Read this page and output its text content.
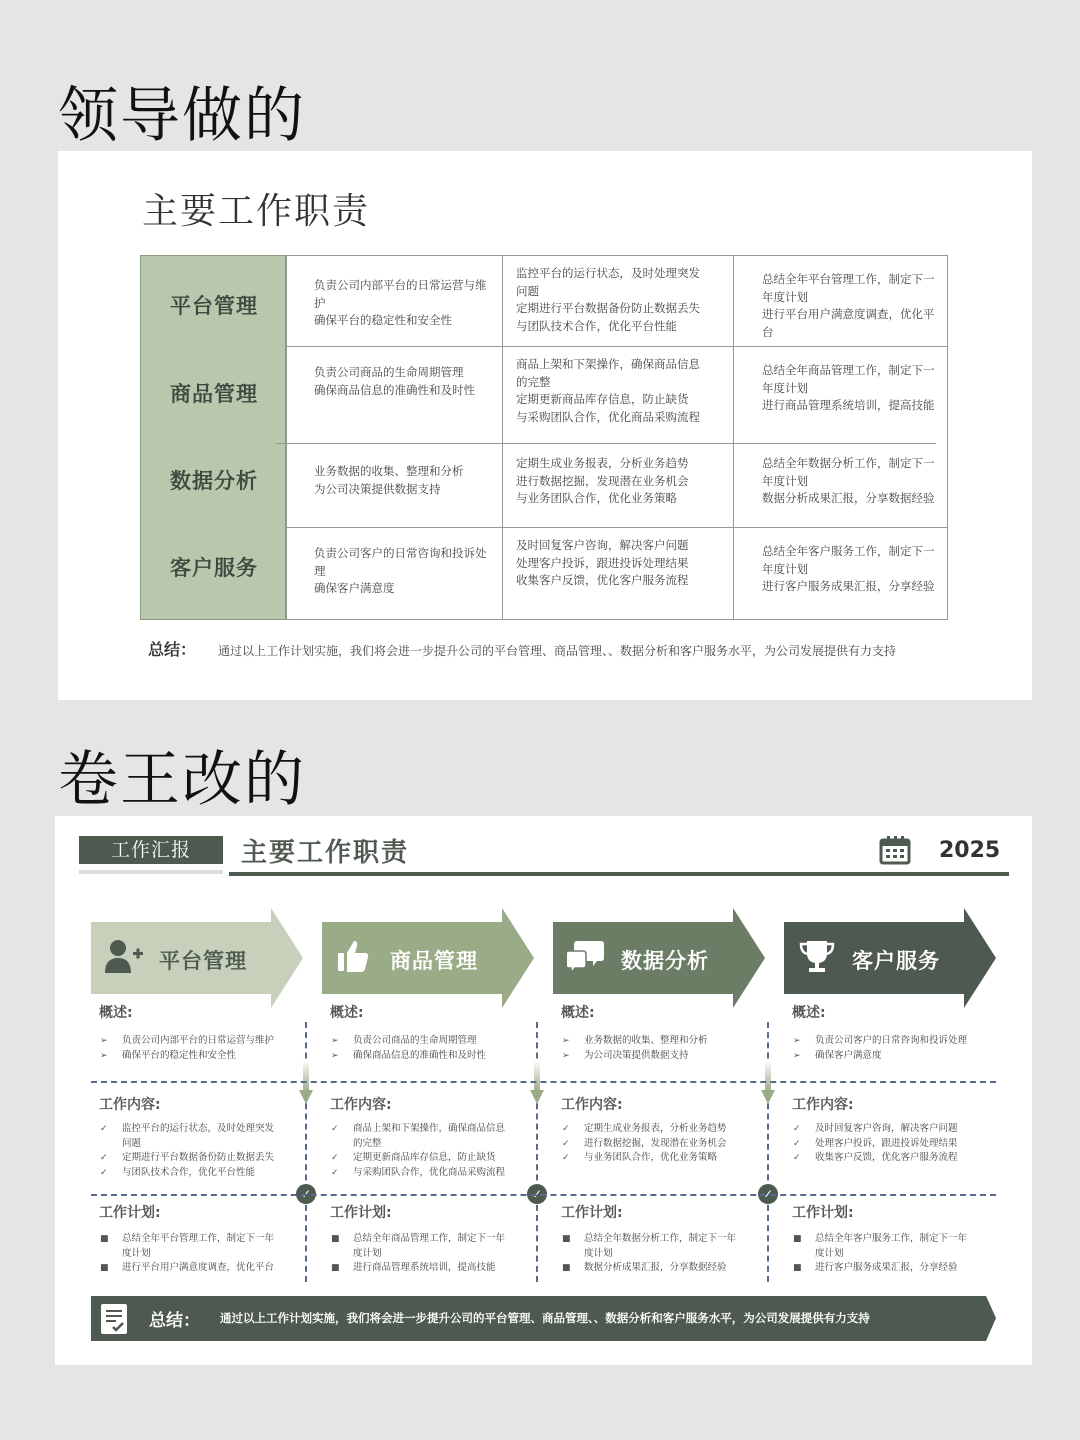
领导做的
主要工作职责
平台管理
商品管理
数据分析
客户服务
负责公司内部平台的日常运营与维
护
确保平台的稳定性和安全性
监控平台的运行状态，及时处理突发
问题
定期进行平台数据备份防止数据丢失
与团队技术合作，优化平台性能
总结全年平台管理工作，制定下一
年度计划
进行平台用户满意度调查，优化平
台
负责公司商品的生命周期管理
确保商品信息的准确性和及时性
商品上架和下架操作，确保商品信息
的完整
定期更新商品库存信息，防止缺货
与采购团队合作，优化商品采购流程
总结全年商品管理工作，制定下一
年度计划
进行商品管理系统培训，提高技能
业务数据的收集、整理和分析
为公司决策提供数据支持
定期生成业务报表，分析业务趋势
进行数据挖掘，发现潜在业务机会
与业务团队合作，优化业务策略
总结全年数据分析工作，制定下一
年度计划
数据分析成果汇报，分享数据经验
负责公司客户的日常咨询和投诉处
理
确保客户满意度
及时回复客户咨询，解决客户问题
处理客户投诉，跟进投诉处理结果
收集客户反馈，优化客户服务流程
总结全年客户服务工作，制定下一
年度计划
进行客户服务成果汇报，分享经验
总结： 通过以上工作计划实施，我们将会进一步提升公司的平台管理、商品管理、、数据分析和客户服务水平，为公司发展提供有力支持
卷王改的
工作汇报	主要工作职责	2025
平台管理
概述:
负责公司内部平台的日常运营与维护
➢
确保平台的稳定性和安全性
➢
工作内容:
监控平台的运行状态，及时处理突发
✓
问题
定期进行平台数据备份防止数据丢失
✓
与团队技术合作，优化平台性能
✓
工作计划:
总结全年平台管理工作，制定下一年
■
度计划
进行平台用户满意度调查，优化平台
■
✓
商品管理
概述:
负责公司商品的生命周期管理
➢
确保商品信息的准确性和及时性
➢
工作内容:
商品上架和下架操作，确保商品信息
✓
的完整
定期更新商品库存信息，防止缺货
✓
与采购团队合作，优化商品采购流程
✓
工作计划:
总结全年商品管理工作，制定下一年
■
度计划
进行商品管理系统培训，提高技能
■
✓
数据分析
概述:
业务数据的收集、整理和分析
➢
为公司决策提供数据支持
➢
工作内容:
定期生成业务报表，分析业务趋势
✓
进行数据挖掘，发现潜在业务机会
✓
与业务团队合作，优化业务策略
✓
工作计划:
总结全年数据分析工作，制定下一年
■
度计划
数据分析成果汇报，分享数据经验
■
✓
客户服务
概述:
负责公司客户的日常咨询和投诉处理
➢
确保客户满意度
➢
工作内容:
及时回复客户咨询，解决客户问题
✓
处理客户投诉，跟进投诉处理结果
✓
收集客户反馈，优化客户服务流程
✓
工作计划:
总结全年客户服务工作，制定下一年
■
度计划
进行客户服务成果汇报，分享经验
■
总结： 通过以上工作计划实施，我们将会进一步提升公司的平台管理、商品管理、、数据分析和客户服务水平，为公司发展提供有力支持
